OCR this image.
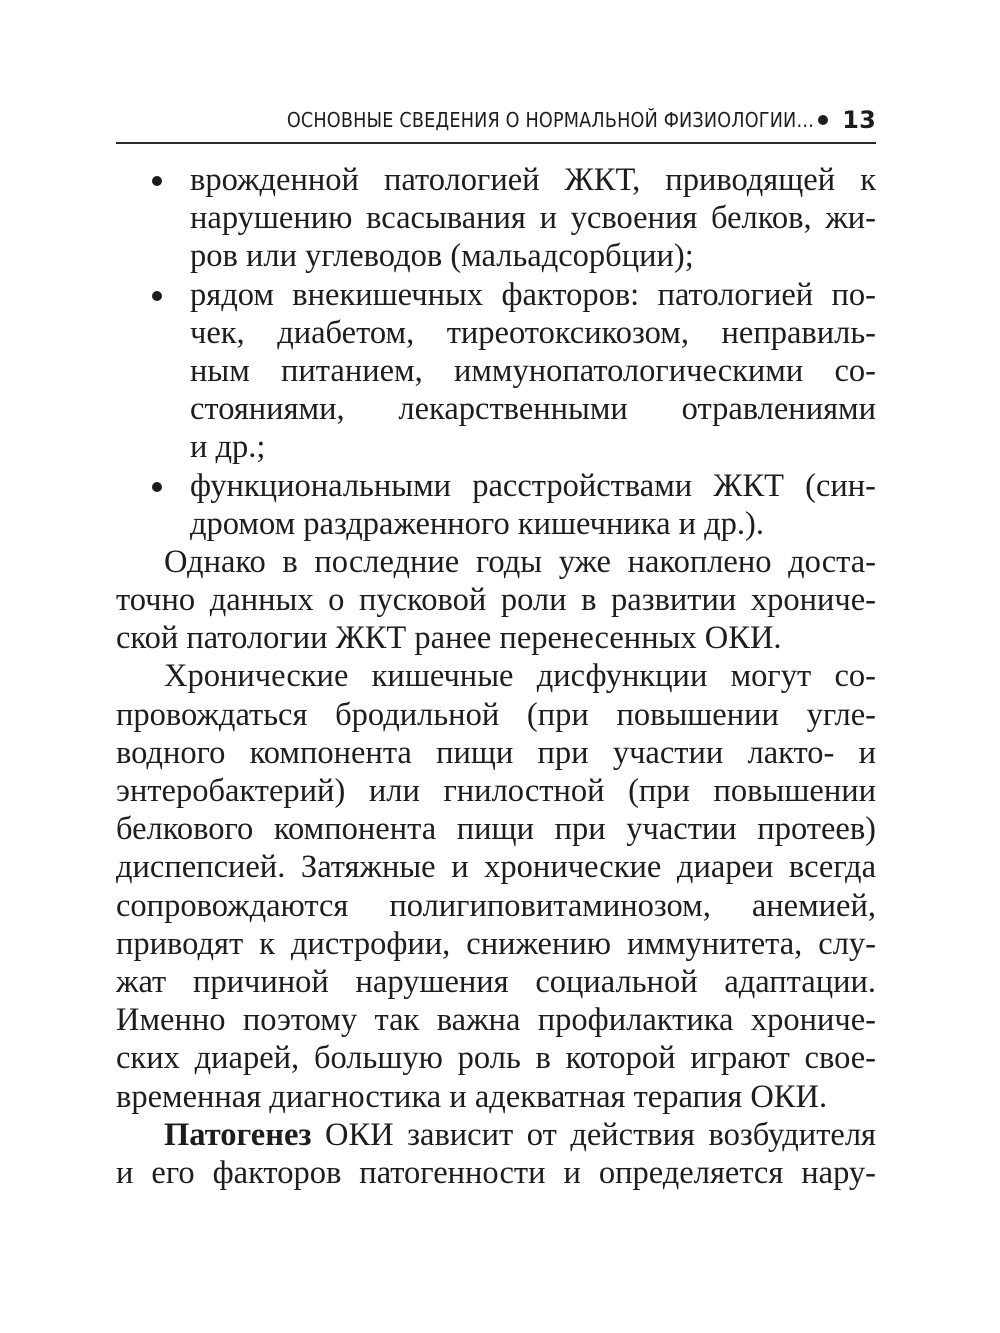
ОСНОВНЫЕ СВЕДЕНИЯ О НОРМАЛЬНОЙ ФИЗИОЛОГИИ… 13
врожденной патологией ЖКТ, приводящей к
нарушению всасывания и усвоения белков, жи-
ров или углеводов (мальадсорбции);
рядом внекишечных факторов: патологией по-
чек, диабетом, тиреотоксикозом, неправиль-
ным питанием, иммунопатологическими со-
стояниями, лекарственными отравлениями
и др.;
функциональными расстройствами ЖКТ (син-
дромом раздраженного кишечника и др.).
Однако в последние годы уже накоплено доста-
точно данных о пусковой роли в развитии хрониче-
ской патологии ЖКТ ранее перенесенных ОКИ.
Хронические кишечные дисфункции могут со-
провождаться бродильной (при повышении угле-
водного компонента пищи при участии лакто- и
энтеробактерий) или гнилостной (при повышении
белкового компонента пищи при участии протеев)
диспепсией. Затяжные и хронические диареи всегда
сопровождаются полигиповитаминозом, анемией,
приводят к дистрофии, снижению иммунитета, слу-
жат причиной нарушения социальной адаптации.
Именно поэтому так важна профилактика хрониче-
ских диарей, большую роль в которой играют свое-
временная диагностика и адекватная терапия ОКИ.
Патогенез ОКИ зависит от действия возбудителя
и его факторов патогенности и определяется нару-
